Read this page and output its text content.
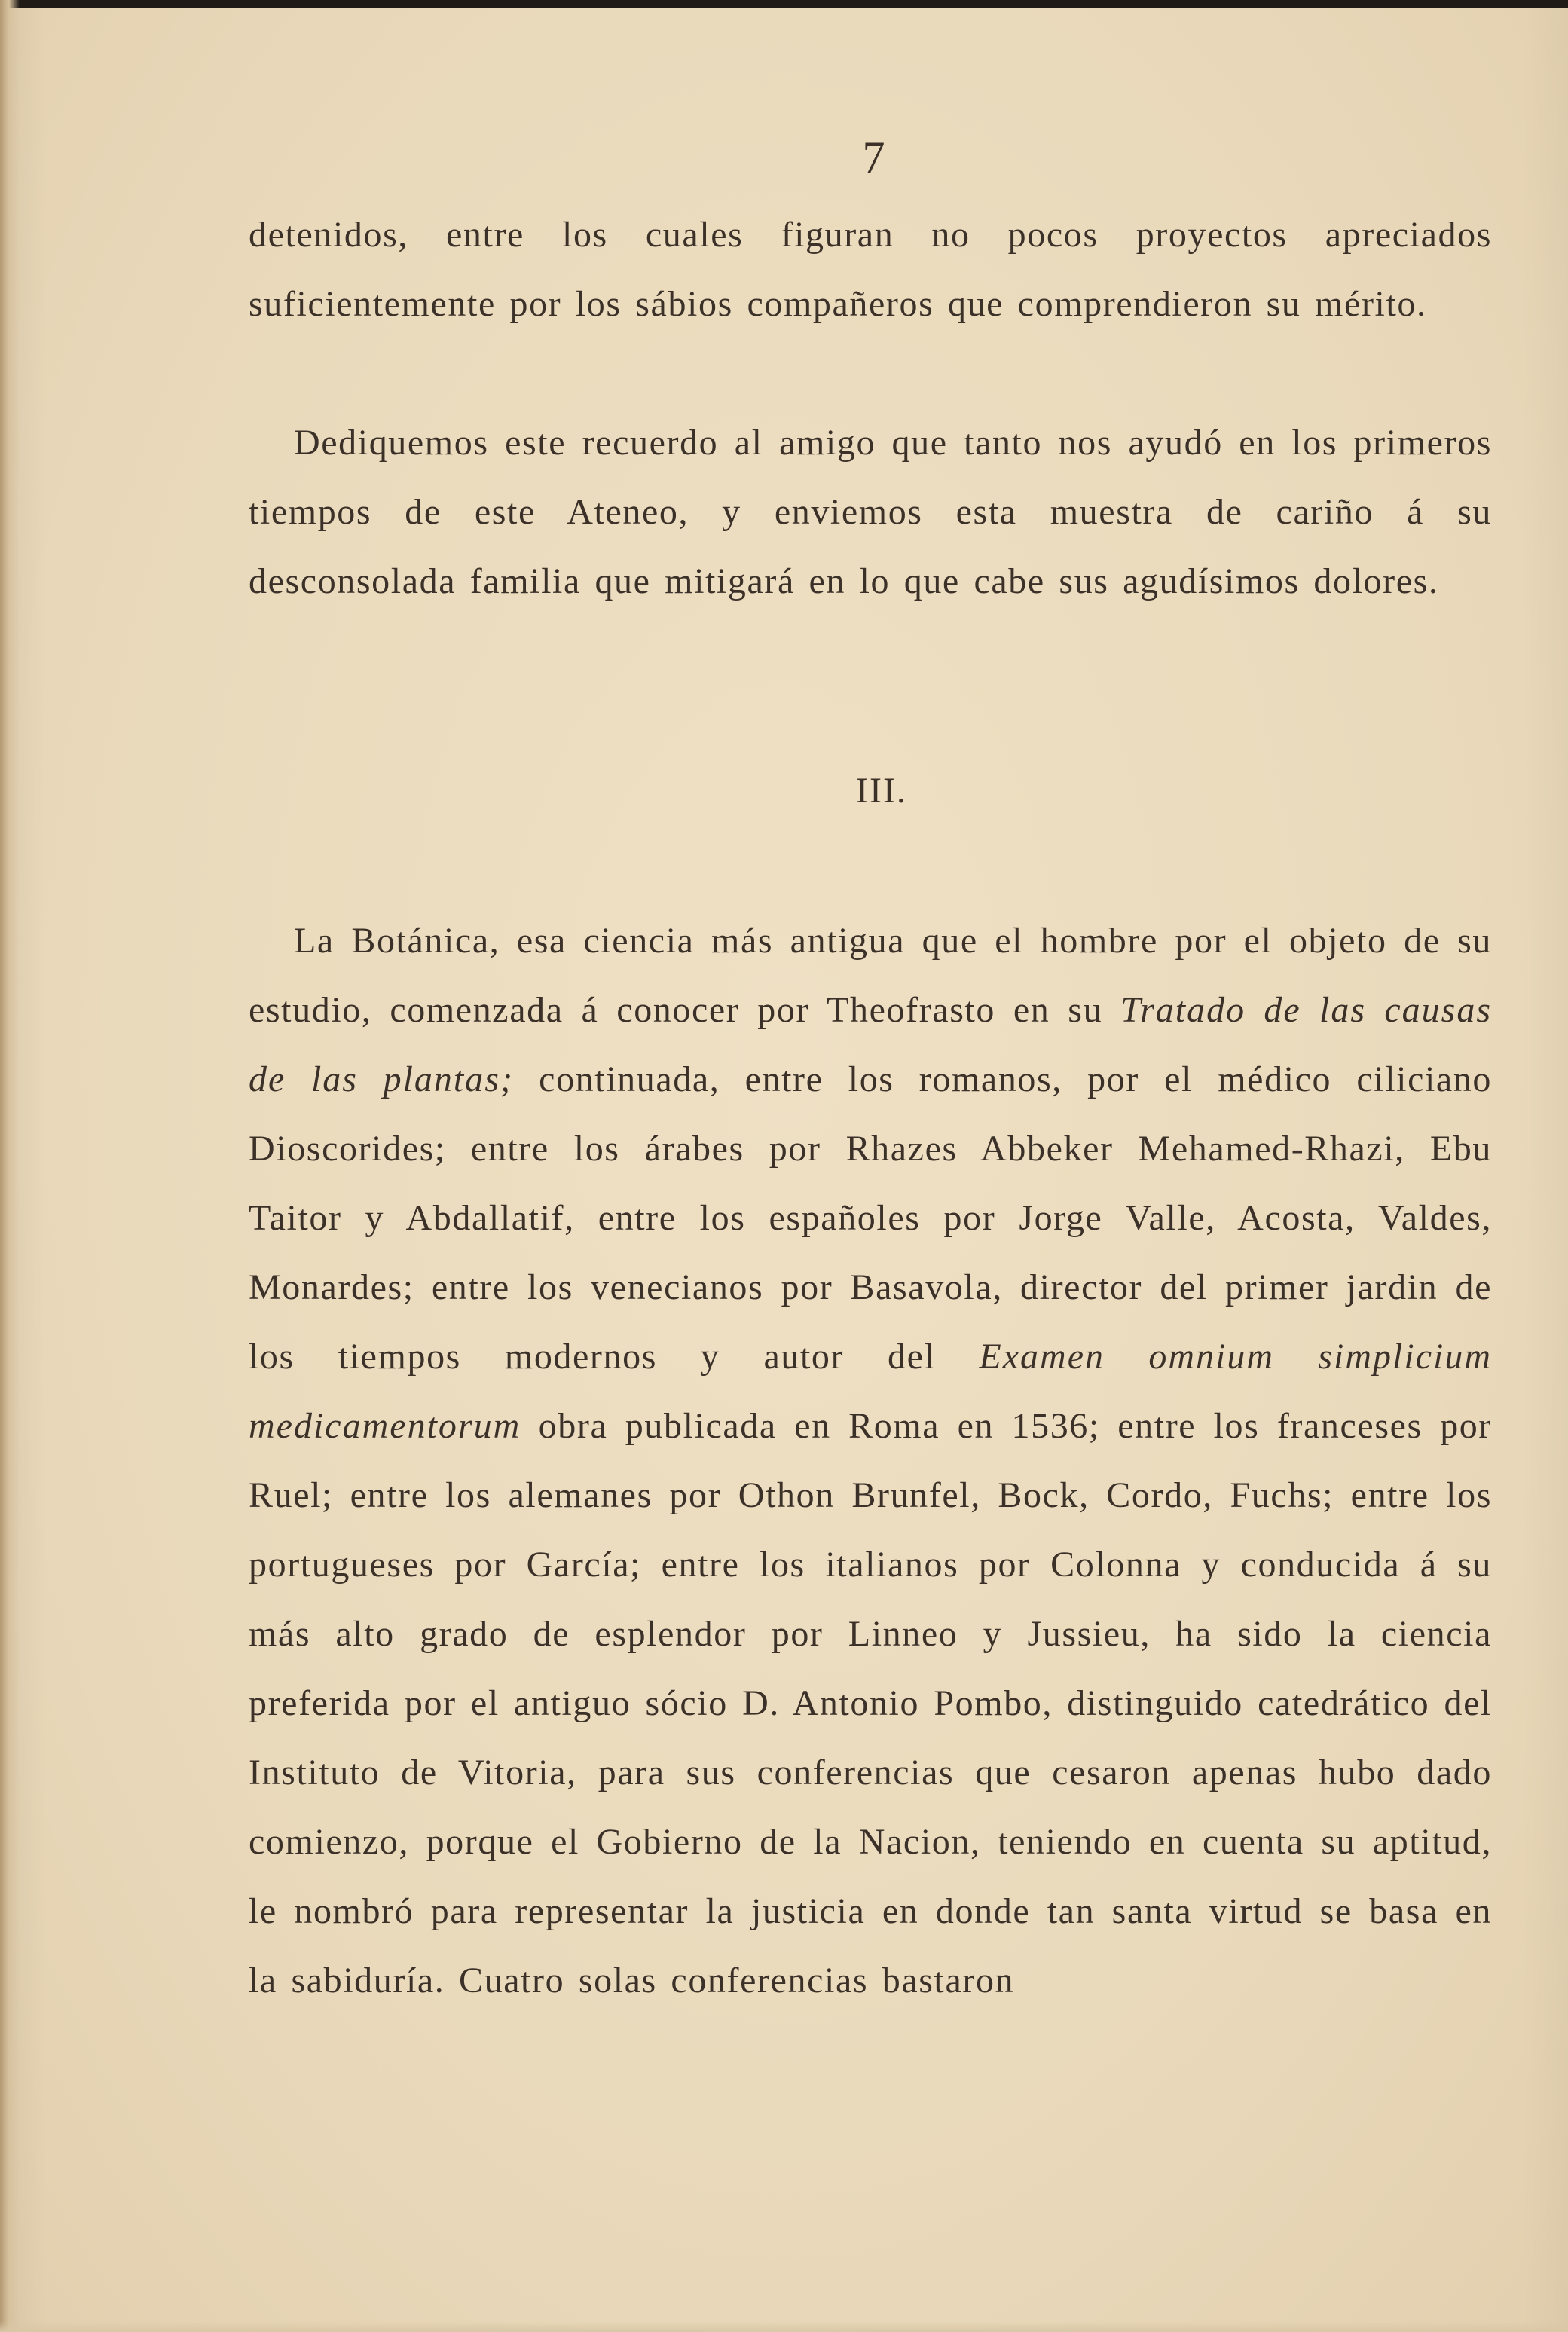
7

detenidos, entre los cuales figuran no pocos proyectos apreciados suficientemente por los sábios compañeros que comprendieron su mérito.

Dediquemos este recuerdo al amigo que tanto nos ayudó en los primeros tiempos de este Ateneo, y enviemos esta muestra de cariño á su desconsolada familia que mitigará en lo que cabe sus agudísimos dolores.

III.

La Botánica, esa ciencia más antigua que el hombre por el objeto de su estudio, comenzada á conocer por Theofrasto en su Tratado de las causas de las plantas; continuada, entre los romanos, por el médico ciliciano Dioscorides; entre los árabes por Rhazes Abbeker Mehamed-Rhazi, Ebu Taitor y Abdallatif, entre los españoles por Jorge Valle, Acosta, Valdes, Monardes; entre los venecianos por Basavola, director del primer jardin de los tiempos modernos y autor del Examen omnium simplicium medicamentorum obra publicada en Roma en 1536; entre los franceses por Ruel; entre los alemanes por Othon Brunfel, Bock, Cordo, Fuchs; entre los portugueses por García; entre los italianos por Colonna y conducida á su más alto grado de esplendor por Linneo y Jussieu, ha sido la ciencia preferida por el antiguo sócio D. Antonio Pombo, distinguido catedrático del Instituto de Vitoria, para sus conferencias que cesaron apenas hubo dado comienzo, porque el Gobierno de la Nacion, teniendo en cuenta su aptitud, le nombró para representar la justicia en donde tan santa virtud se basa en la sabiduría. Cuatro solas conferencias bastaron
